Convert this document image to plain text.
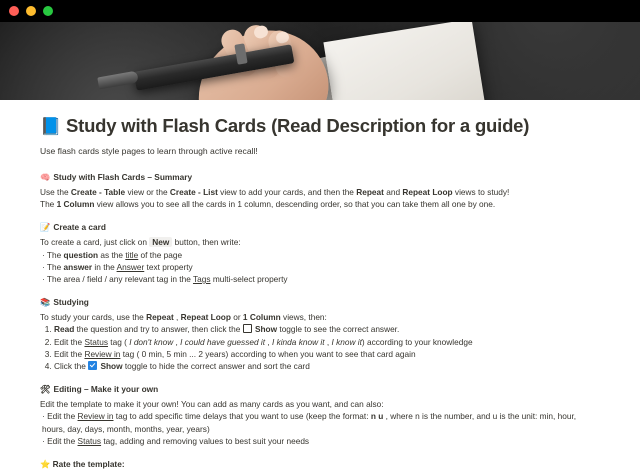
📘 Study with Flash Cards (Read Description for a guide)

Use flash cards style pages to learn through active recall!

🧠 Study with Flash Cards – Summary

Use the Create - Table view or the Create - List view to add your cards, and then the Repeat and Repeat Loop views to study!

The 1 Column view allows you to see all the cards in 1 column, descending order, so that you can take them all one by one.

📝 Create a card

To create a card, just click on New button, then write:

· The question as the title of the page
· The answer in the Answer text property
· The area / field / any relevant tag in the Tags multi-select property
📚 Studying

To study your cards, use the Repeat , Repeat Loop or 1 Column views, then:

1. Read the question and try to answer, then click the  Show toggle to see the correct answer.
2. Edit the Status tag ( I don't know , I could have guessed it , I kinda know it , I know it) according to your knowledge
3. Edit the Review in tag ( 0 min, 5 min ... 2 years) according to when you want to see that card again
4. Click the  Show toggle to hide the correct answer and sort the card
🛠 Editing – Make it your own

Edit the template to make it your own! You can add as many cards as you want, and can also:

· Edit the Review in tag to add specific time delays that you want to use (keep the format: n u , where n is the number, and u is the unit: min, hour, hours, day, days, month, months, year, years)
· Edit the Status tag, adding and removing values to best suit your needs
⭐ Rate the template:
